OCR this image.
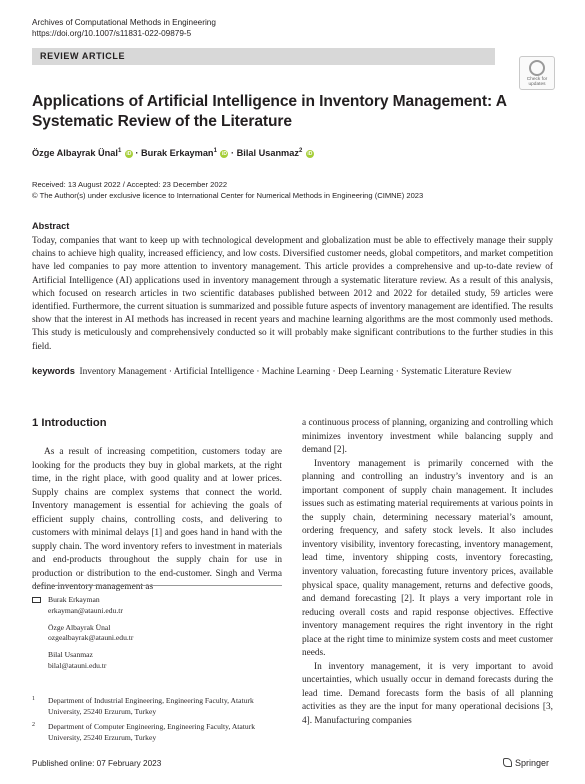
Archives of Computational Methods in Engineering
https://doi.org/10.1007/s11831-022-09879-5
REVIEW ARTICLE
Check for updates
Applications of Artificial Intelligence in Inventory Management: A Systematic Review of the Literature
Özge Albayrak Ünal$^1$ iD · Burak Erkayman$^1$ iD · Bilal Usanmaz$^2$ iD
Received: 13 August 2022 / Accepted: 23 December 2022
© The Author(s) under exclusive licence to International Center for Numerical Methods in Engineering (CIMNE) 2023
Abstract
Today, companies that want to keep up with technological development and globalization must be able to effectively manage their supply chains to achieve high quality, increased efficiency, and low costs. Diversified customer needs, global competitors, and market competition have led companies to pay more attention to inventory management. This article provides a comprehensive and up-to-date review of Artificial Intelligence (AI) applications used in inventory management through a systematic literature review. As a result of this analysis, which focused on research articles in two scientific databases published between 2012 and 2022 for detailed study, 59 articles were identified. Furthermore, the current situation is summarized and possible future aspects of inventory management are identified. The results show that the interest in AI methods has increased in recent years and machine learning algorithms are the most commonly used methods. This study is meticulously and comprehensively conducted so it will probably make significant contributions to the further studies in this field.
keywords Inventory Management · Artificial Intelligence · Machine Learning · Deep Learning · Systematic Literature Review
1 Introduction

As a result of increasing competition, customers today are looking for the products they buy in global markets, at the right time, in the right place, with good quality and at lower prices. Supply chains are complex systems that connect the world. Inventory management is essential for achieving the goals of efficient supply chains, controlling costs, and delivering to customers with minimal delays [1] and goes hand in hand with the supply chain. The word inventory refers to investment in materials and end-products throughout the supply chain for use in production or distribution to the end-customer. Singh and Verma define inventory management as

Burak Erkayman
erkayman@atauni.edu.tr
Özge Albayrak Ünal
ozgealbayrak@atauni.edu.tr
Bilal Usanmaz
bilal@atauni.edu.tr
1	Department of Industrial Engineering, Engineering Faculty, Ataturk University, 25240 Erzurum, Turkey
2	Department of Computer Engineering, Engineering Faculty, Ataturk University, 25240 Erzurum, Turkey

a continuous process of planning, organizing and controlling which minimizes inventory investment while balancing supply and demand [2].

Inventory management is primarily concerned with the planning and controlling an industry’s inventory and is an important component of supply chain management. It includes issues such as estimating material requirements at various points in the supply chain, determining necessary material’s amount, ordering frequency, and safety stock levels. It also includes inventory visibility, inventory forecasting, inventory management, lead time, inventory shipping costs, inventory forecasting, inventory valuation, forecasting future inventory prices, available physical space, quality management, returns and defective goods, and demand forecasting [2]. It plays a very important role in reducing overall costs and rapid response objectives. Effective inventory management requires the right inventory in the right place at the right time to minimize system costs and meet customer needs.

In inventory management, it is very important to avoid uncertainties, which usually occur in demand forecasts during the lead time. Demand forecasts form the basis of all planning activities as they are the input for many operational decisions [3, 4]. Manufacturing companies

Published online: 07 February 2023	Springer
